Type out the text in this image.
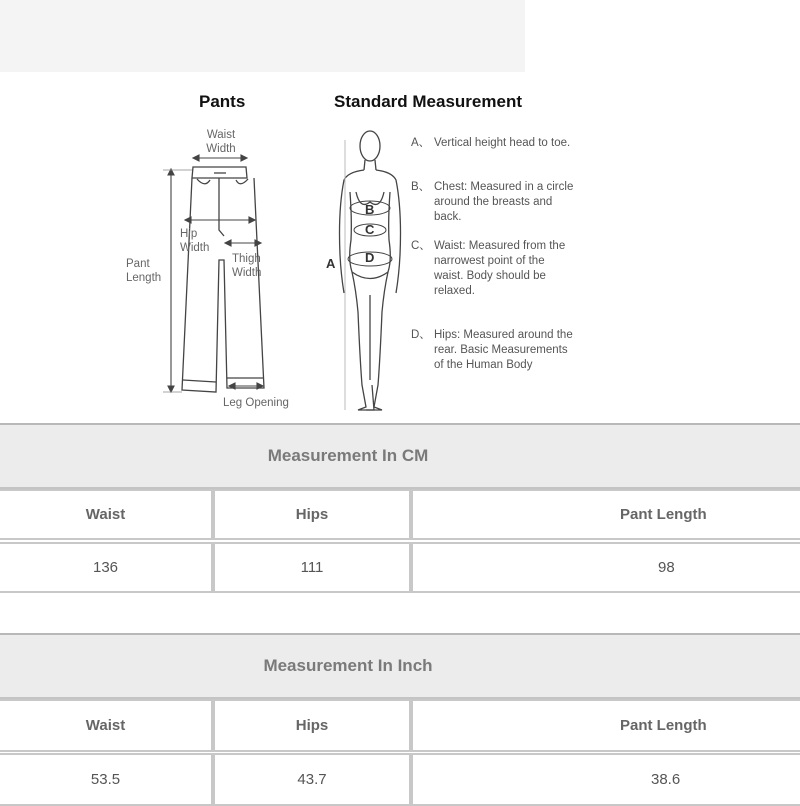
Pants	Standard Measurement
Waist
Width
Hip
Width
Thigh
Width
Pant
Length
Leg Opening
A
B
C
D
A、 Vertical height head to toe.
B、 Chest: Measured in a circle around the breasts and back.
C、 Waist: Measured from the narrowest point of the waist. Body should be relaxed.
D、 Hips: Measured around the rear. Basic Measurements of the Human Body
Measurement In CM
Waist	Hips	Pant Length
136	111	98
Measurement In Inch
Waist	Hips	Pant Length
53.5	43.7	38.6
